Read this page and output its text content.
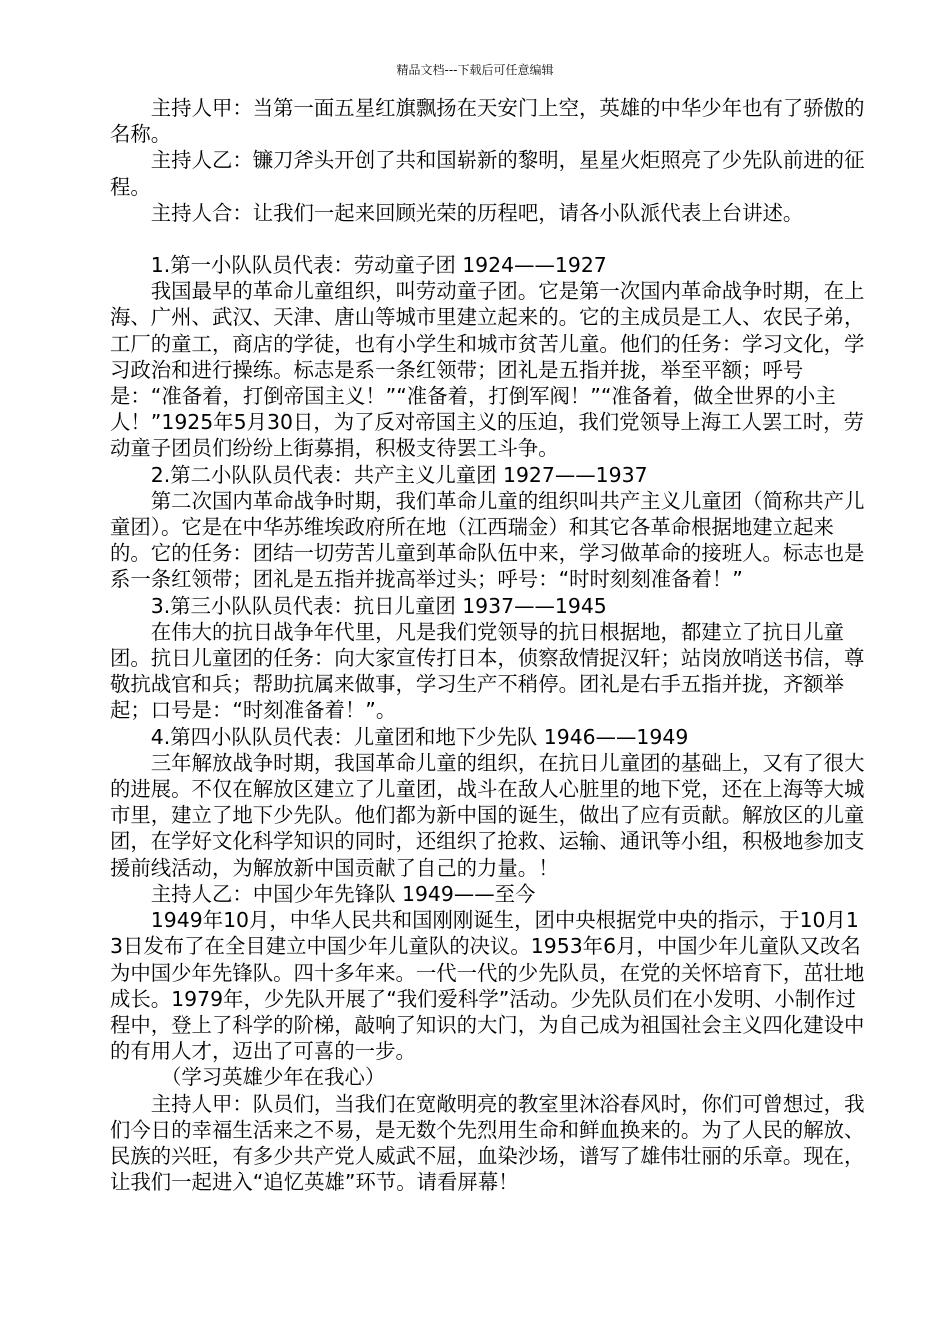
精品文档---下载后可任意编辑

主持人甲：当第一面五星红旗飘扬在天安门上空，英雄的中华少年也有了骄傲的名称。

主持人乙：镰刀斧头开创了共和国崭新的黎明，星星火炬照亮了少先队前进的征程。

主持人合：让我们一起来回顾光荣的历程吧，请各小队派代表上台讲述。

1.第一小队队员代表：劳动童子团 1924——1927

我国最早的革命儿童组织，叫劳动童子团。它是第一次国内革命战争时期，在上海、广州、武汉、天津、唐山等城市里建立起来的。它的主成员是工人、农民子弟，工厂的童工，商店的学徒，也有小学生和城市贫苦儿童。他们的任务：学习文化，学习政治和进行操练。标志是系一条红领带；团礼是五指并拢，举至平额；呼号是：“准备着，打倒帝国主义！”“准备着，打倒军阀！”“准备着，做全世界的小主人！”1925年5月30日，为了反对帝国主义的压迫，我们党领导上海工人罢工时，劳动童子团员们纷纷上街募捐，积极支待罢工斗争。

2.第二小队队员代表：共产主义儿童团 1927——1937

第二次国内革命战争时期，我们革命儿童的组织叫共产主义儿童团（简称共产儿童团）。它是在中华苏维埃政府所在地（江西瑞金）和其它各革命根据地建立起来的。它的任务：团结一切劳苦儿童到革命队伍中来，学习做革命的接班人。标志也是系一条红领带；团礼是五指并拢高举过头；呼号：“时时刻刻准备着！”

3.第三小队队员代表：抗日儿童团 1937——1945

在伟大的抗日战争年代里，凡是我们党领导的抗日根据地，都建立了抗日儿童团。抗日儿童团的任务：向大家宣传打日本，侦察敌情捉汉轩；站岗放哨送书信，尊敬抗战官和兵；帮助抗属来做事，学习生产不稍停。团礼是右手五指并拢，齐额举起；口号是：“时刻准备着！”。

4.第四小队队员代表：儿童团和地下少先队 1946——1949

三年解放战争时期，我国革命儿童的组织，在抗日儿童团的基础上，又有了很大的进展。不仅在解放区建立了儿童团，战斗在敌人心脏里的地下党，还在上海等大城市里，建立了地下少先队。他们都为新中国的诞生，做出了应有贡献。解放区的儿童团，在学好文化科学知识的同时，还组织了抢救、运输、通讯等小组，积极地参加支援前线活动，为解放新中国贡献了自己的力量。！

主持人乙：中国少年先锋队 1949——至今

1949年10月，中华人民共和国刚刚诞生，团中央根据党中央的指示，于10月13日发布了在全目建立中国少年儿童队的决议。1953年6月，中国少年儿童队又改名为中国少年先锋队。四十多年来。一代一代的少先队员，在党的关怀培育下，茁壮地成长。1979年，少先队开展了“我们爱科学”活动。少先队员们在小发明、小制作过程中，登上了科学的阶梯，敲响了知识的大门，为自己成为祖国社会主义四化建设中的有用人才，迈出了可喜的一步。

（学习英雄少年在我心）

主持人甲：队员们，当我们在宽敞明亮的教室里沐浴春风时，你们可曾想过，我们今日的幸福生活来之不易，是无数个先烈用生命和鲜血换来的。为了人民的解放、民族的兴旺，有多少共产党人威武不屈，血染沙场，谱写了雄伟壮丽的乐章。现在，让我们一起进入“追忆英雄”环节。请看屏幕！
